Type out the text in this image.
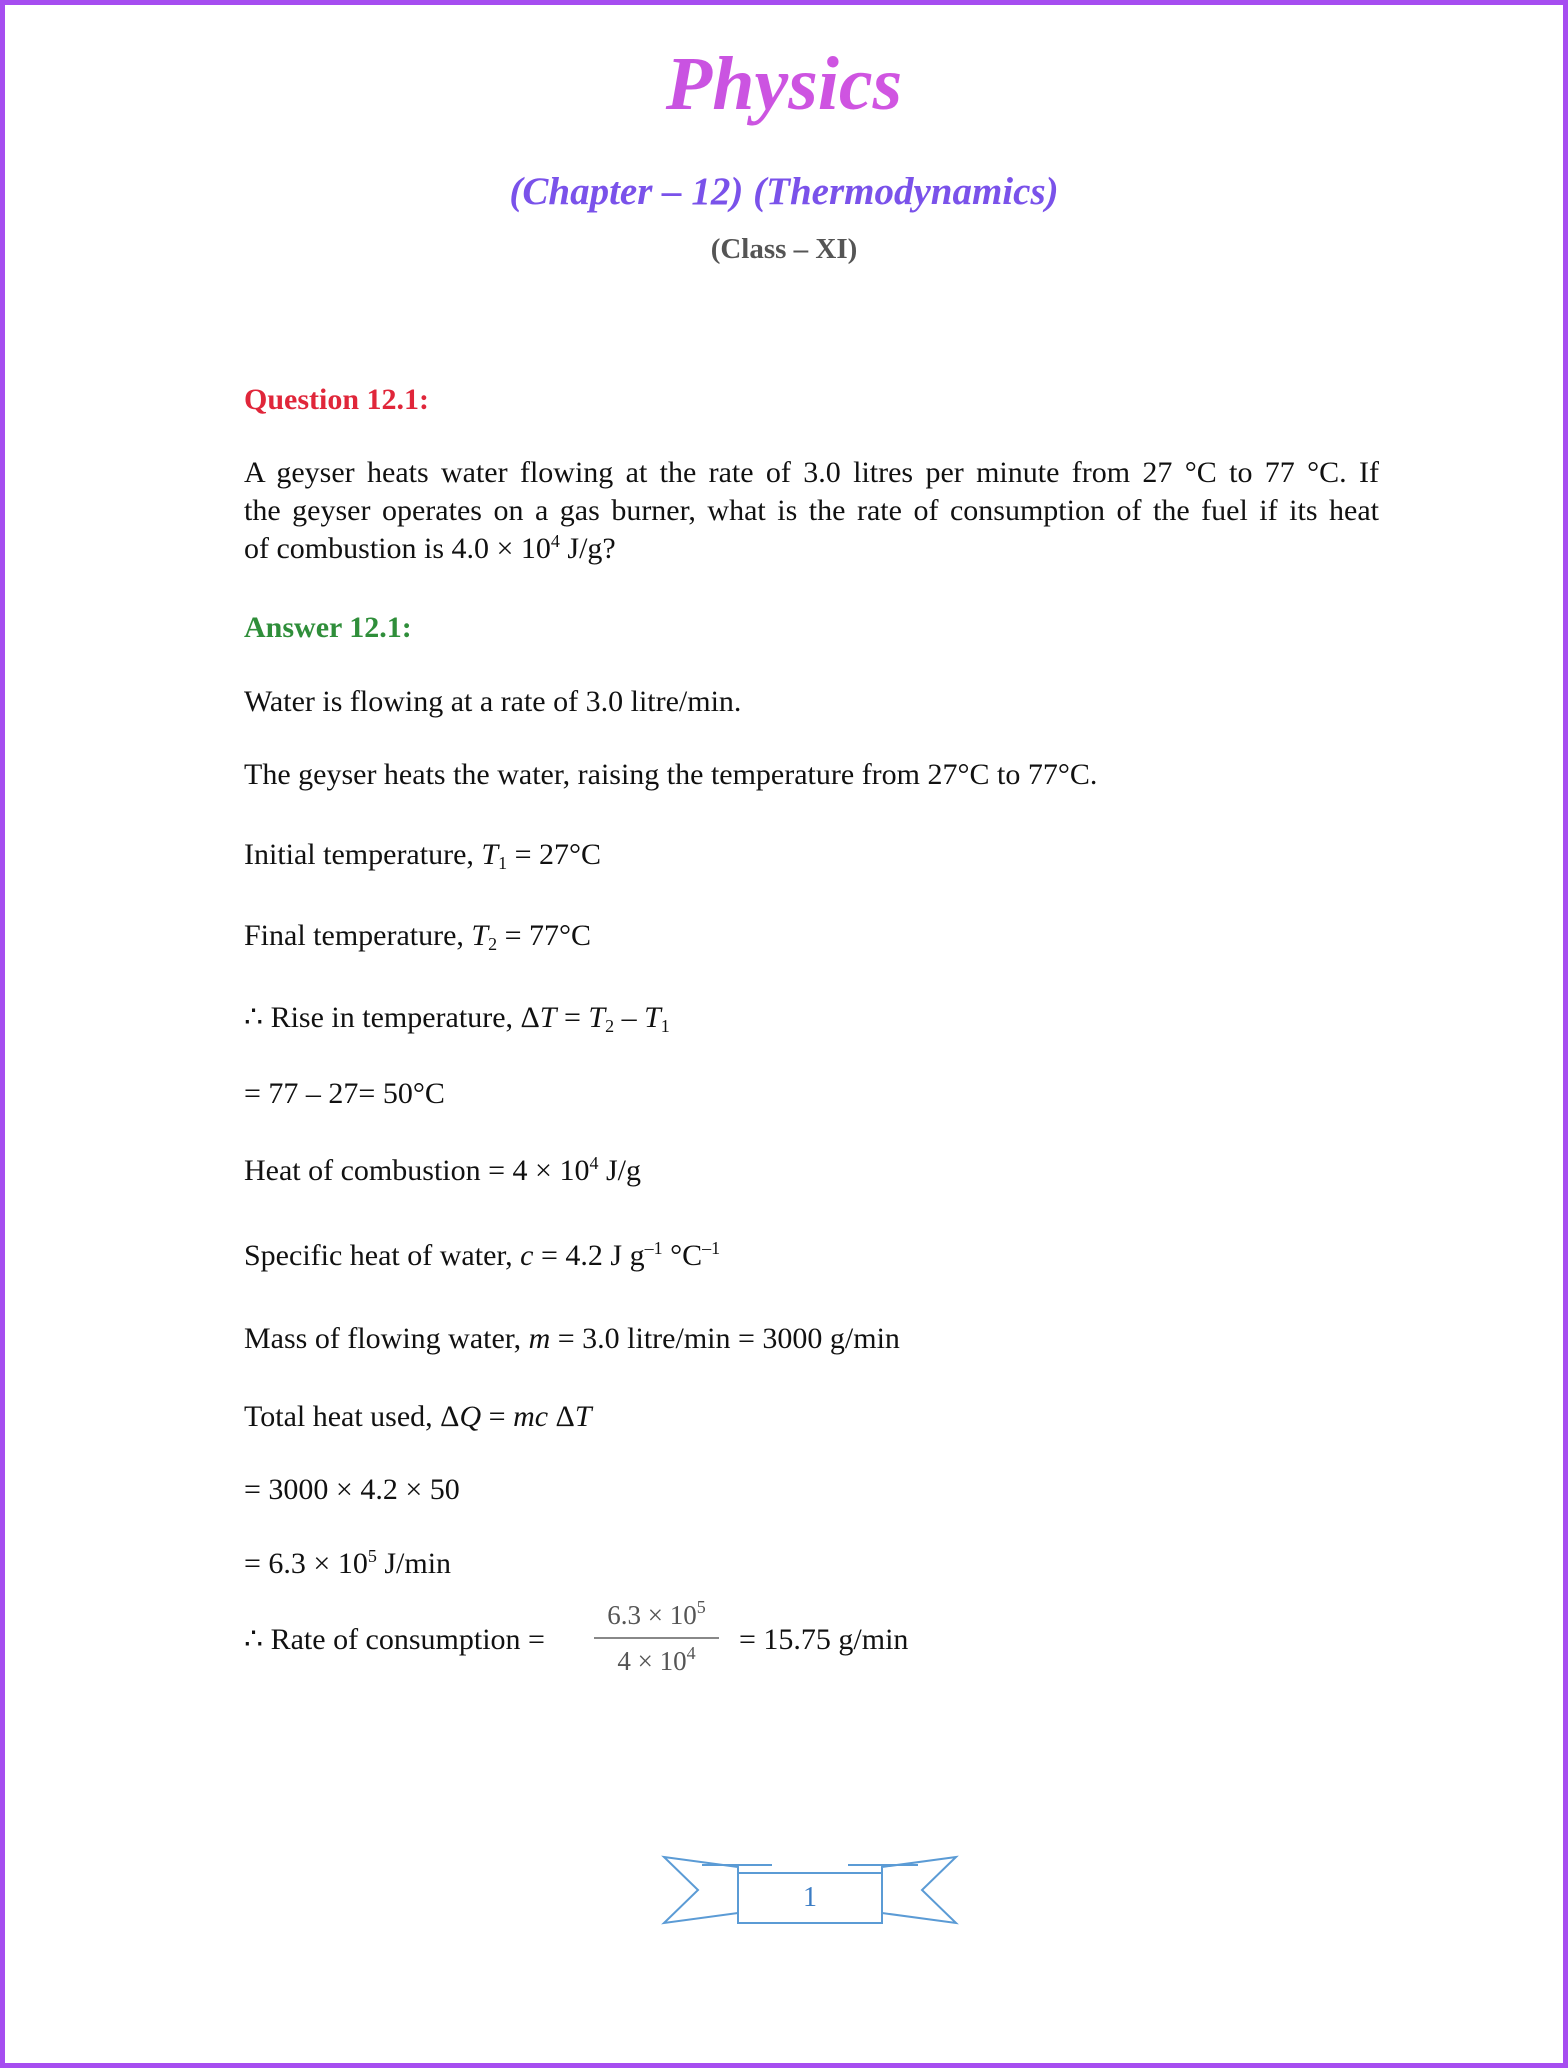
Physics
(Chapter – 12) (Thermodynamics)
(Class – XI)
Question 12.1:
A geyser heats water flowing at the rate of 3.0 litres per minute from 27 °C to 77 °C. If
the geyser operates on a gas burner, what is the rate of consumption of the fuel if its heat
of combustion is $4.0 \times 10^4$ J/g?
Answer 12.1:
Water is flowing at a rate of 3.0 litre/min.
The geyser heats the water, raising the temperature from 27°C to 77°C.
Initial temperature, $T_1 = 27^\circ C$
Final temperature, $T_2 = 77^\circ C$
∴ Rise in temperature, $\Delta T = T_2 - T_1$
= 77 – 27= 50°C
Heat of combustion = $4 \times 10^4$ J/g
Specific heat of water, c = 4.2 J $g^{-1}$ $^\circ C^{-1}$
Mass of flowing water, m = 3.0 litre/min = 3000 g/min
Total heat used, ΔQ = mc ΔT
= 3000 × 4.2 × 50
= $6.3 \times 10^5$ J/min
∴ Rate of consumption =
$6.3 \times 10^5$
$4 \times 10^4$	= 15.75 g/min
1
